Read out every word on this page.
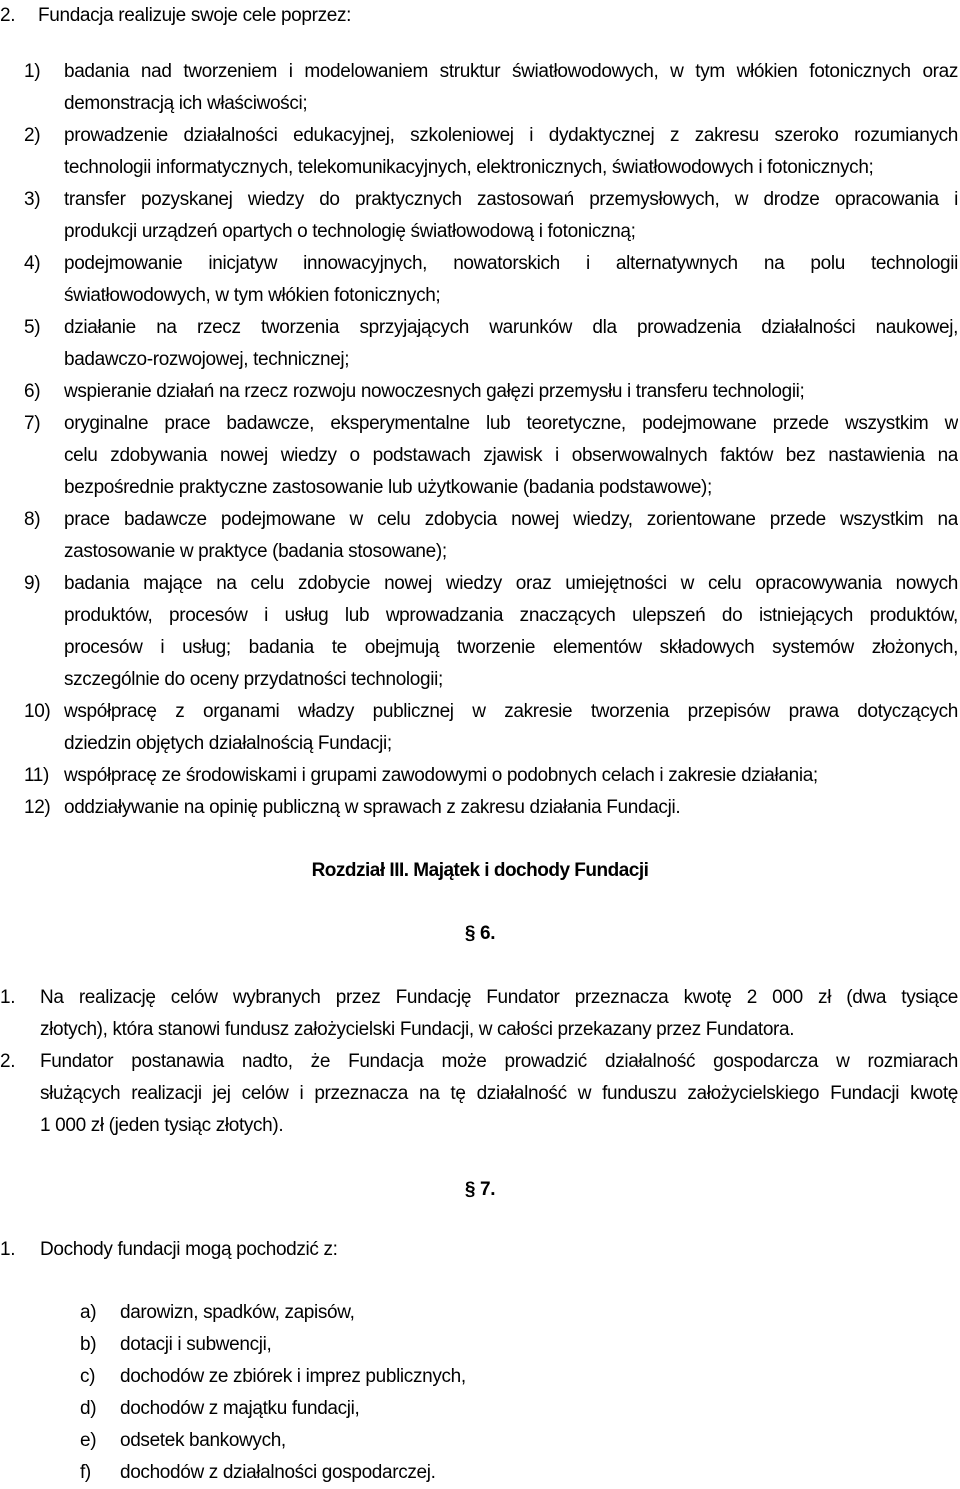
2. Fundacja realizuje swoje cele poprzez:
1) badania nad tworzeniem i modelowaniem struktur światłowodowych, w tym włókien fotonicznych oraz
demonstracją ich właściwości;
2) prowadzenie działalności edukacyjnej, szkoleniowej i dydaktycznej z zakresu szeroko rozumianych
technologii informatycznych, telekomunikacyjnych, elektronicznych, światłowodowych i fotonicznych;
3) transfer pozyskanej wiedzy do praktycznych zastosowań przemysłowych, w drodze opracowania i
produkcji urządzeń opartych o technologię światłowodową i fotoniczną;
4) podejmowanie inicjatyw innowacyjnych, nowatorskich i alternatywnych na polu technologii
światłowodowych, w tym włókien fotonicznych;
5) działanie na rzecz tworzenia sprzyjających warunków dla prowadzenia działalności naukowej,
badawczo-rozwojowej, technicznej;
6) wspieranie działań na rzecz rozwoju nowoczesnych gałęzi przemysłu i transferu technologii;
7) oryginalne prace badawcze, eksperymentalne lub teoretyczne, podejmowane przede wszystkim w
celu zdobywania nowej wiedzy o podstawach zjawisk i obserwowalnych faktów bez nastawienia na
bezpośrednie praktyczne zastosowanie lub użytkowanie (badania podstawowe);
8) prace badawcze podejmowane w celu zdobycia nowej wiedzy, zorientowane przede wszystkim na
zastosowanie w praktyce (badania stosowane);
9) badania mające na celu zdobycie nowej wiedzy oraz umiejętności w celu opracowywania nowych
produktów, procesów i usług lub wprowadzania znaczących ulepszeń do istniejących produktów,
procesów i usług; badania te obejmują tworzenie elementów składowych systemów złożonych,
szczególnie do oceny przydatności technologii;
10) współpracę z organami władzy publicznej w zakresie tworzenia przepisów prawa dotyczących
dziedzin objętych działalnością Fundacji;
11) współpracę ze środowiskami i grupami zawodowymi o podobnych celach i zakresie działania;
12) oddziaływanie na opinię publiczną w sprawach z zakresu działania Fundacji.
Rozdział III. Majątek i dochody Fundacji
§ 6.
1. Na realizację celów wybranych przez Fundację Fundator przeznacza kwotę 2 000 zł (dwa tysiące
złotych), która stanowi fundusz założycielski Fundacji, w całości przekazany przez Fundatora.
2. Fundator postanawia nadto, że Fundacja może prowadzić działalność gospodarcza w rozmiarach
służących realizacji jej celów i przeznacza na tę działalność w funduszu założycielskiego Fundacji kwotę
1 000 zł (jeden tysiąc złotych).
§ 7.
1. Dochody fundacji mogą pochodzić z:
a) darowizn, spadków, zapisów,
b) dotacji i subwencji,
c) dochodów ze zbiórek i imprez publicznych,
d) dochodów z majątku fundacji,
e) odsetek bankowych,
f) dochodów z działalności gospodarczej.
